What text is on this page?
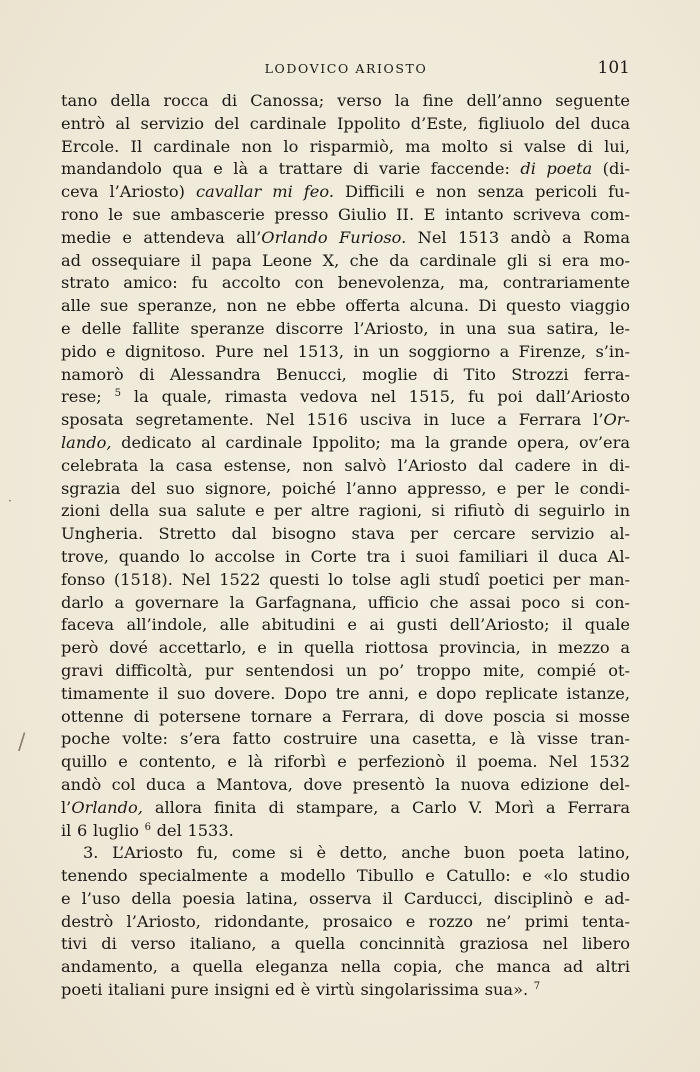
LODOVICO ARIOSTO	101
tano della rocca di Canossa; verso la fine dell’anno seguente
entrò al servizio del cardinale Ippolito d’Este, figliuolo del duca
Ercole. Il cardinale non lo risparmiò, ma molto si valse di lui,
mandandolo qua e là a trattare di varie faccende: di poeta (di-
ceva l’Ariosto) cavallar mi feo. Difficili e non senza pericoli fu-
rono le sue ambascerie presso Giulio II. E intanto scriveva com-
medie e attendeva all’Orlando Furioso. Nel 1513 andò a Roma
ad ossequiare il papa Leone X, che da cardinale gli si era mo-
strato amico: fu accolto con benevolenza, ma, contrariamente
alle sue speranze, non ne ebbe offerta alcuna. Di questo viaggio
e delle fallite speranze discorre l’Ariosto, in una sua satira, le-
pido e dignitoso. Pure nel 1513, in un soggiorno a Firenze, s’in-
namorò di Alessandra Benucci, moglie di Tito Strozzi ferra-
rese; $^5$ la quale, rimasta vedova nel 1515, fu poi dall’Ariosto
sposata segretamente. Nel 1516 usciva in luce a Ferrara l’Or-
lando, dedicato al cardinale Ippolito; ma la grande opera, ov’era
celebrata la casa estense, non salvò l’Ariosto dal cadere in di-
sgrazia del suo signore, poiché l’anno appresso, e per le condi-
zioni della sua salute e per altre ragioni, si rifiutò di seguirlo in
Ungheria. Stretto dal bisogno stava per cercare servizio al-
trove, quando lo accolse in Corte tra i suoi familiari il duca Al-
fonso (1518). Nel 1522 questi lo tolse agli studî poetici per man-
darlo a governare la Garfagnana, ufficio che assai poco si con-
faceva all’indole, alle abitudini e ai gusti dell’Ariosto; il quale
però dové accettarlo, e in quella riottosa provincia, in mezzo a
gravi difficoltà, pur sentendosi un po’ troppo mite, compié ot-
timamente il suo dovere. Dopo tre anni, e dopo replicate istanze,
ottenne di potersene tornare a Ferrara, di dove poscia si mosse
poche volte: s’era fatto costruire una casetta, e là visse tran-
quillo e contento, e là riforbì e perfezionò il poema. Nel 1532
andò col duca a Mantova, dove presentò la nuova edizione del-
l’Orlando, allora finita di stampare, a Carlo V. Morì a Ferrara
il 6 luglio $^6$ del 1533.
3. L’Ariosto fu, come si è detto, anche buon poeta latino,
tenendo specialmente a modello Tibullo e Catullo: e «lo studio
e l’uso della poesia latina, osserva il Carducci, disciplinò e ad-
destrò l’Ariosto, ridondante, prosaico e rozzo ne’ primi tenta-
tivi di verso italiano, a quella concinnità graziosa nel libero
andamento, a quella eleganza nella copia, che manca ad altri
poeti italiani pure insigni ed è virtù singolarissima sua». $^7$
·
/
